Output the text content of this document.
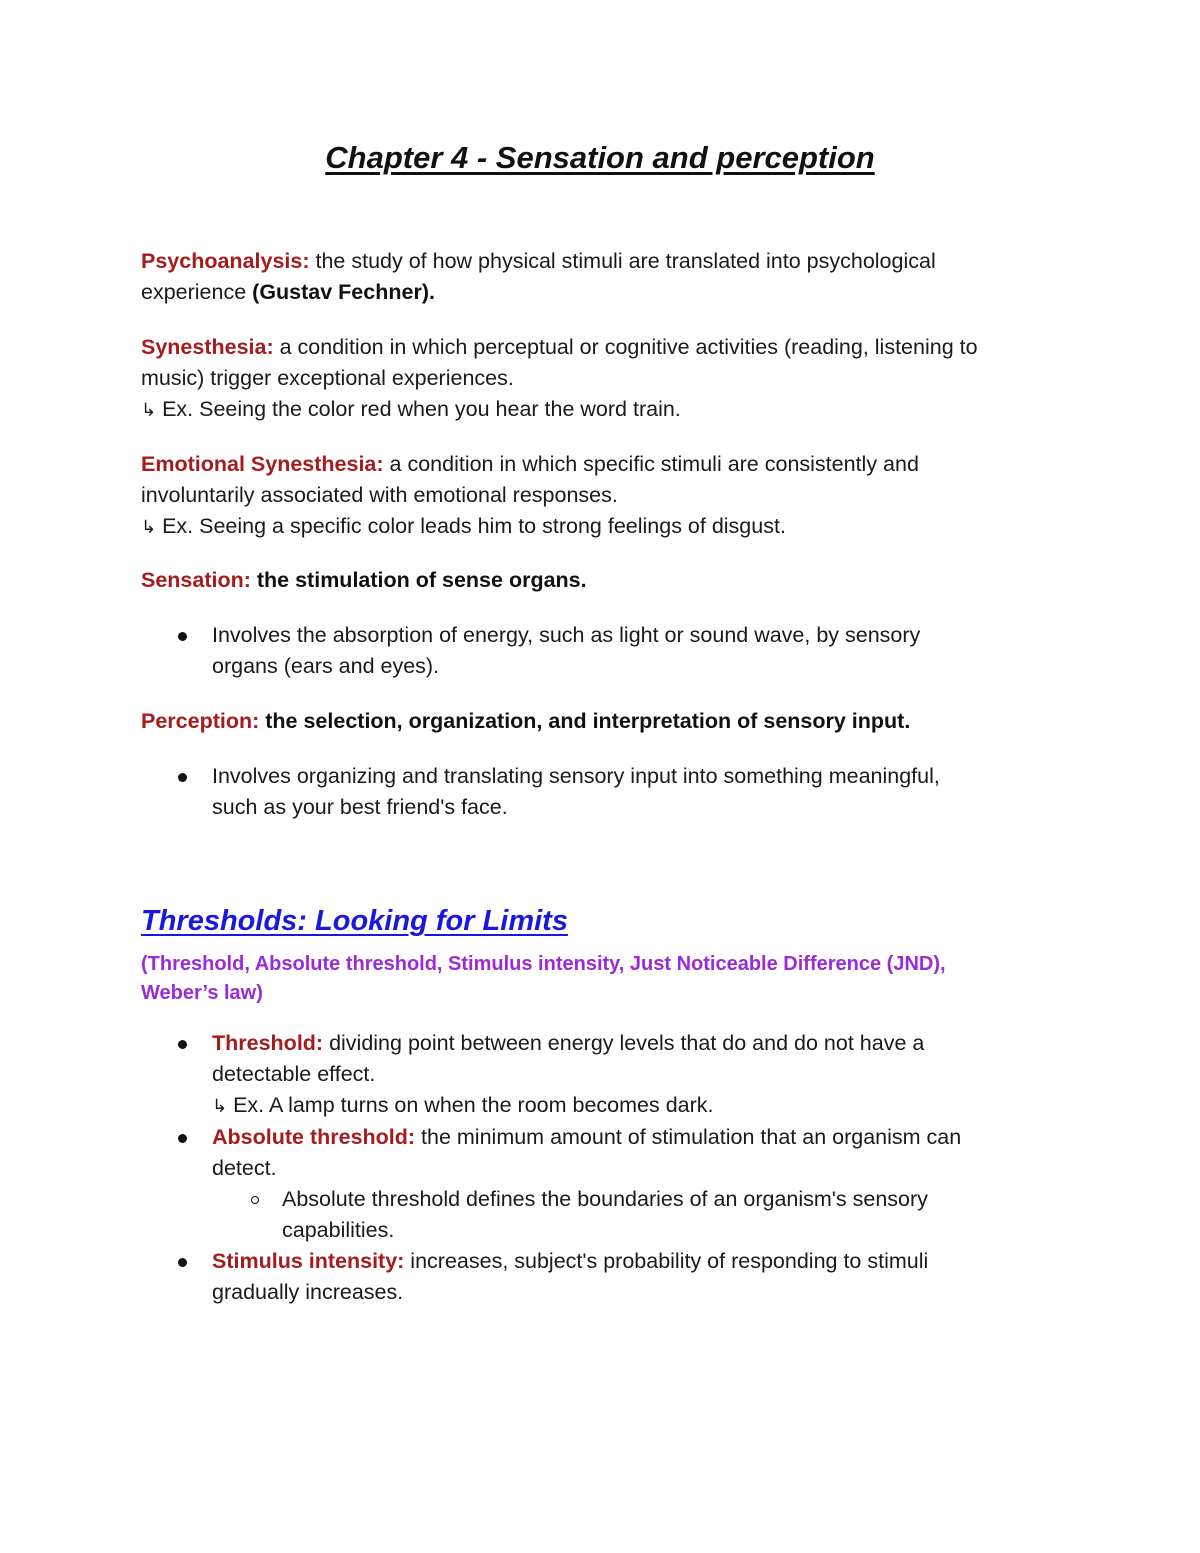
Chapter 4 - Sensation and perception
Psychoanalysis: the study of how physical stimuli are translated into psychological
experience (Gustav Fechner).
Synesthesia: a condition in which perceptual or cognitive activities (reading, listening to
music) trigger exceptional experiences.
↳ Ex. Seeing the color red when you hear the word train.
Emotional Synesthesia: a condition in which specific stimuli are consistently and
involuntarily associated with emotional responses.
↳ Ex. Seeing a specific color leads him to strong feelings of disgust.
Sensation: the stimulation of sense organs.
Involves the absorption of energy, such as light or sound wave, by sensory
organs (ears and eyes).
Perception: the selection, organization, and interpretation of sensory input.
Involves organizing and translating sensory input into something meaningful,
such as your best friend's face.
Thresholds: Looking for Limits
(Threshold, Absolute threshold, Stimulus intensity, Just Noticeable Difference (JND),
Weber’s law)
Threshold: dividing point between energy levels that do and do not have a
detectable effect.
↳ Ex. A lamp turns on when the room becomes dark.
Absolute threshold: the minimum amount of stimulation that an organism can
detect.
Absolute threshold defines the boundaries of an organism's sensory
capabilities.
Stimulus intensity: increases, subject's probability of responding to stimuli
gradually increases.
